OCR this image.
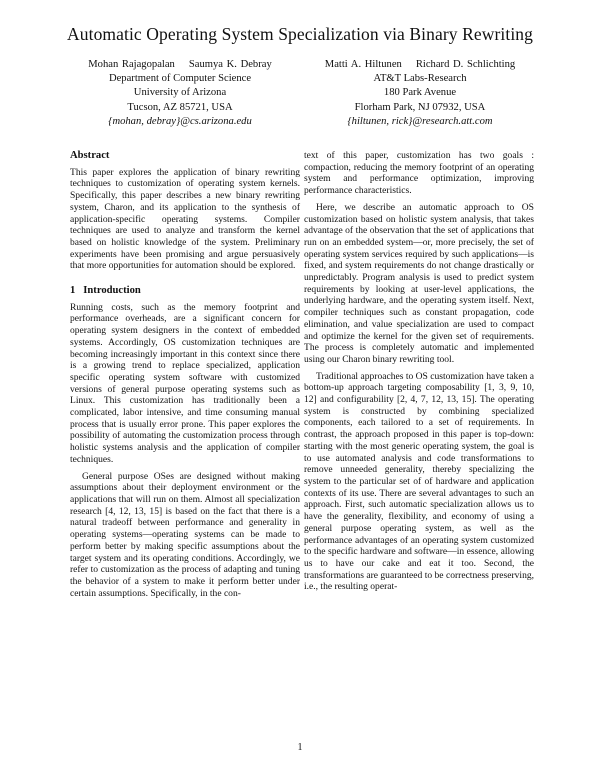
Automatic Operating System Specialization via Binary Rewriting
Mohan Rajagopalan Saumya K. Debray
Department of Computer Science
University of Arizona
Tucson, AZ 85721, USA
{mohan, debray}@cs.arizona.edu
Matti A. Hiltunen Richard D. Schlichting
AT&T Labs-Research
180 Park Avenue
Florham Park, NJ 07932, USA
{hiltunen, rick}@research.att.com
Abstract

This paper explores the application of binary rewriting techniques to customization of operating system kernels. Specifically, this paper describes a new binary rewriting system, Charon, and its application to the synthesis of application-specific operating systems. Compiler techniques are used to analyze and transform the kernel based on holistic knowledge of the system. Preliminary experiments have been promising and argue persuasively that more opportunities for automation should be explored.

1 Introduction

Running costs, such as the memory footprint and performance overheads, are a significant concern for operating system designers in the context of embedded systems. Accordingly, OS customization techniques are becoming increasingly important in this context since there is a growing trend to replace specialized, application specific operating system software with customized versions of general purpose operating systems such as Linux. This customization has traditionally been a complicated, labor intensive, and time consuming manual process that is usually error prone. This paper explores the possibility of automating the customization process through holistic systems analysis and the application of compiler techniques.

General purpose OSes are designed without making assumptions about their deployment environment or the applications that will run on them. Almost all specialization research [4, 12, 13, 15] is based on the fact that there is a natural tradeoff between performance and generality in operating systems—operating systems can be made to perform better by making specific assumptions about the target system and its operating conditions. Accordingly, we refer to customization as the process of adapting and tuning the behavior of a system to make it perform better under certain assumptions. Specifically, in the con-

text of this paper, customization has two goals : compaction, reducing the memory footprint of an operating system and performance optimization, improving performance characteristics.

Here, we describe an automatic approach to OS customization based on holistic system analysis, that takes advantage of the observation that the set of applications that run on an embedded system—or, more precisely, the set of operating system services required by such applications—is fixed, and system requirements do not change drastically or unpredictably. Program analysis is used to predict system requirements by looking at user-level applications, the underlying hardware, and the operating system itself. Next, compiler techniques such as constant propagation, code elimination, and value specialization are used to compact and optimize the kernel for the given set of requirements. The process is completely automatic and implemented using our Charon binary rewriting tool.

Traditional approaches to OS customization have taken a bottom-up approach targeting composability [1, 3, 9, 10, 12] and configurability [2, 4, 7, 12, 13, 15]. The operating system is constructed by combining specialized components, each tailored to a set of requirements. In contrast, the approach proposed in this paper is top-down: starting with the most generic operating system, the goal is to use automated analysis and code transformations to remove unneeded generality, thereby specializing the system to the particular set of of hardware and application contexts of its use. There are several advantages to such an approach. First, such automatic specialization allows us to have the generality, flexibility, and economy of using a general purpose operating system, as well as the performance advantages of an operating system customized to the specific hardware and software—in essence, allowing us to have our cake and eat it too. Second, the transformations are guaranteed to be correctness preserving, i.e., the resulting operat-

1
